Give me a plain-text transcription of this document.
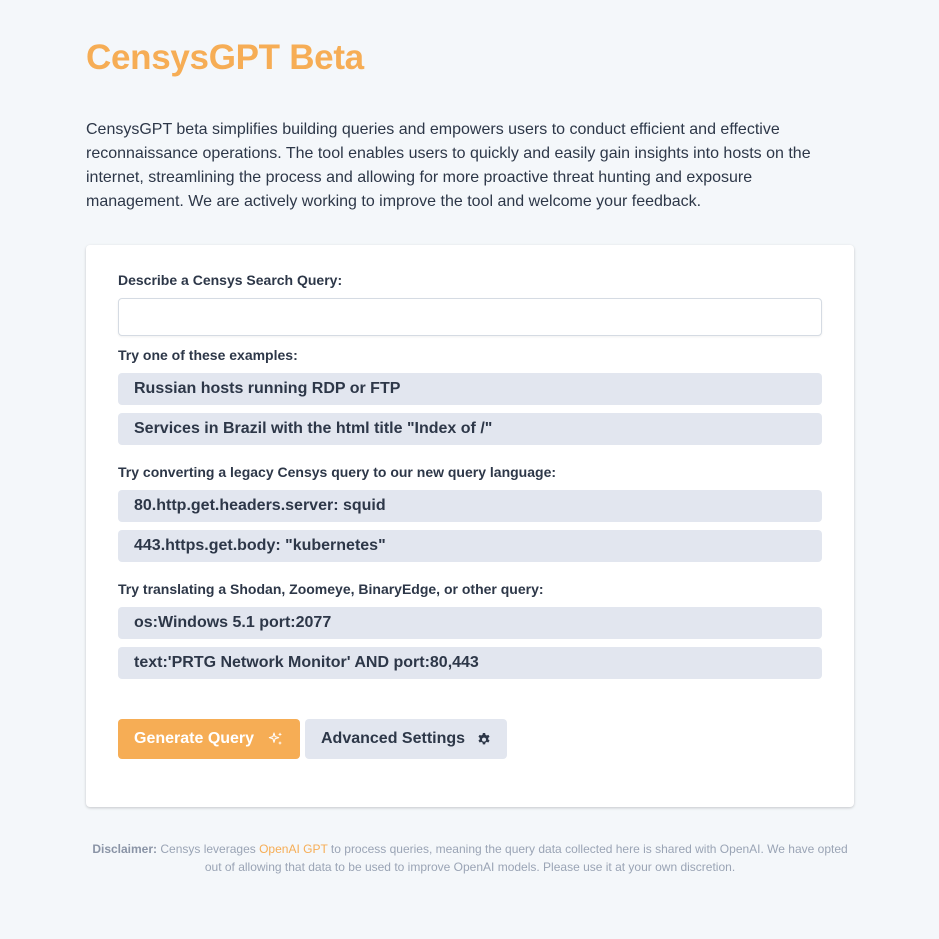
CensysGPT Beta

CensysGPT beta simplifies building queries and empowers users to conduct efficient and effective reconnaissance operations. The tool enables users to quickly and easily gain insights into hosts on the internet, streamlining the process and allowing for more proactive threat hunting and exposure management. We are actively working to improve the tool and welcome your feedback.

Describe a Censys Search Query:
Try one of these examples:
Russian hosts running RDP or FTP
Services in Brazil with the html title "Index of /"
Try converting a legacy Censys query to our new query language:
80.http.get.headers.server: squid
443.https.get.body: "kubernetes"
Try translating a Shodan, Zoomeye, BinaryEdge, or other query:
os:Windows 5.1 port:2077
text:'PRTG Network Monitor' AND port:80,443
Generate Query	Advanced Settings
Disclaimer: Censys leverages OpenAI GPT to process queries, meaning the query data collected here is shared with OpenAI. We have opted out of allowing that data to be used to improve OpenAI models. Please use it at your own discretion.
